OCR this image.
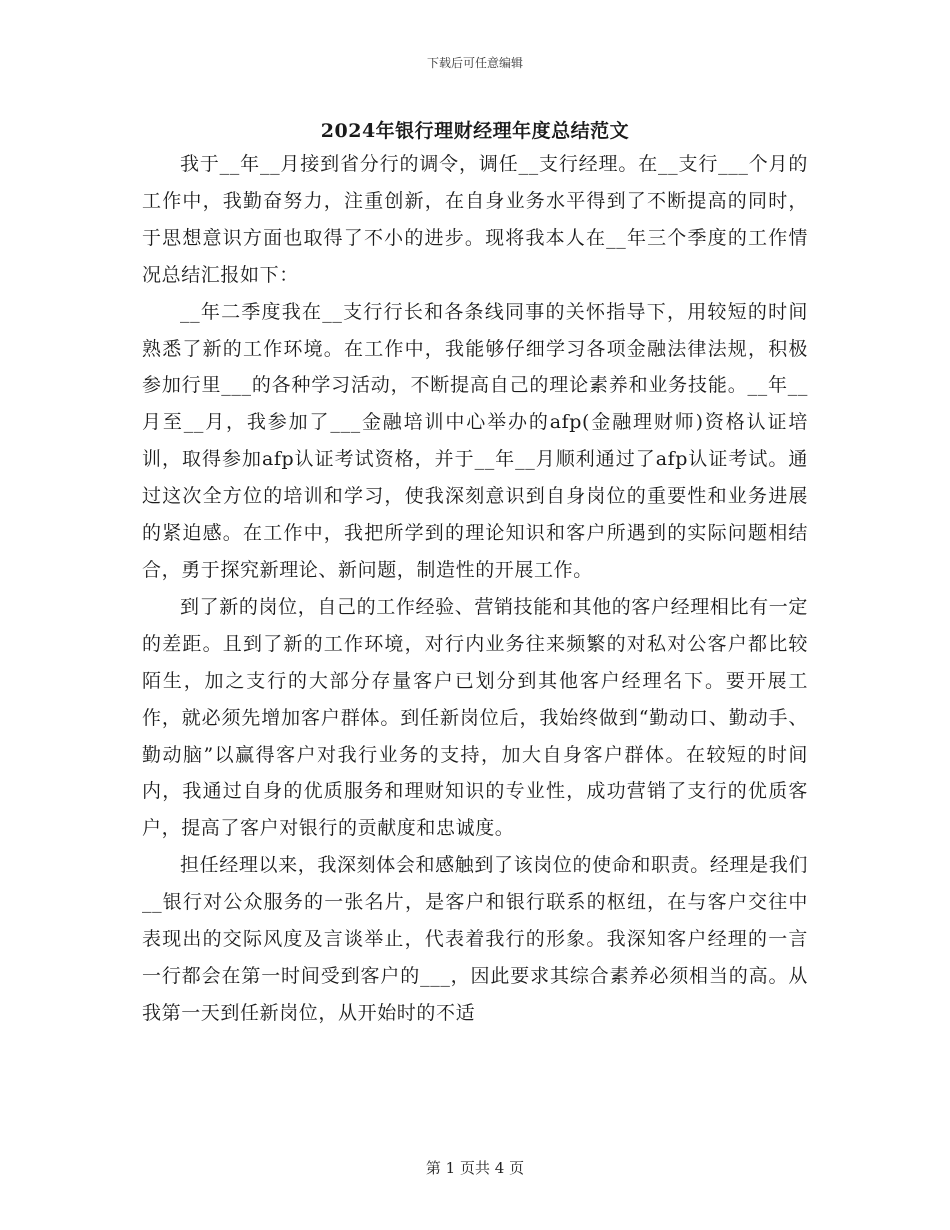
下载后可任意编辑
2024年银行理财经理年度总结范文

我于__年__月接到省分行的调令，调任__支行经理。在__支行___个月的工作中，我勤奋努力，注重创新，在自身业务水平得到了不断提高的同时，于思想意识方面也取得了不小的进步。现将我本人在__年三个季度的工作情况总结汇报如下：

__年二季度我在__支行行长和各条线同事的关怀指导下，用较短的时间熟悉了新的工作环境。在工作中，我能够仔细学习各项金融法律法规，积极参加行里___的各种学习活动，不断提高自己的理论素养和业务技能。__年__月至__月，我参加了___金融培训中心举办的afp(金融理财师)资格认证培训，取得参加afp认证考试资格，并于__年__月顺利通过了afp认证考试。通过这次全方位的培训和学习，使我深刻意识到自身岗位的重要性和业务进展的紧迫感。在工作中，我把所学到的理论知识和客户所遇到的实际问题相结合，勇于探究新理论、新问题，制造性的开展工作。

到了新的岗位，自己的工作经验、营销技能和其他的客户经理相比有一定的差距。且到了新的工作环境，对行内业务往来频繁的对私对公客户都比较陌生，加之支行的大部分存量客户已划分到其他客户经理名下。要开展工作，就必须先增加客户群体。到任新岗位后，我始终做到“勤动口、勤动手、勤动脑”以赢得客户对我行业务的支持，加大自身客户群体。在较短的时间内，我通过自身的优质服务和理财知识的专业性，成功营销了支行的优质客户，提高了客户对银行的贡献度和忠诚度。

担任经理以来，我深刻体会和感触到了该岗位的使命和职责。经理是我们__银行对公众服务的一张名片，是客户和银行联系的枢纽，在与客户交往中表现出的交际风度及言谈举止，代表着我行的形象。我深知客户经理的一言一行都会在第一时间受到客户的___，因此要求其综合素养必须相当的高。从我第一天到任新岗位，从开始时的不适

第 1 页共 4 页
